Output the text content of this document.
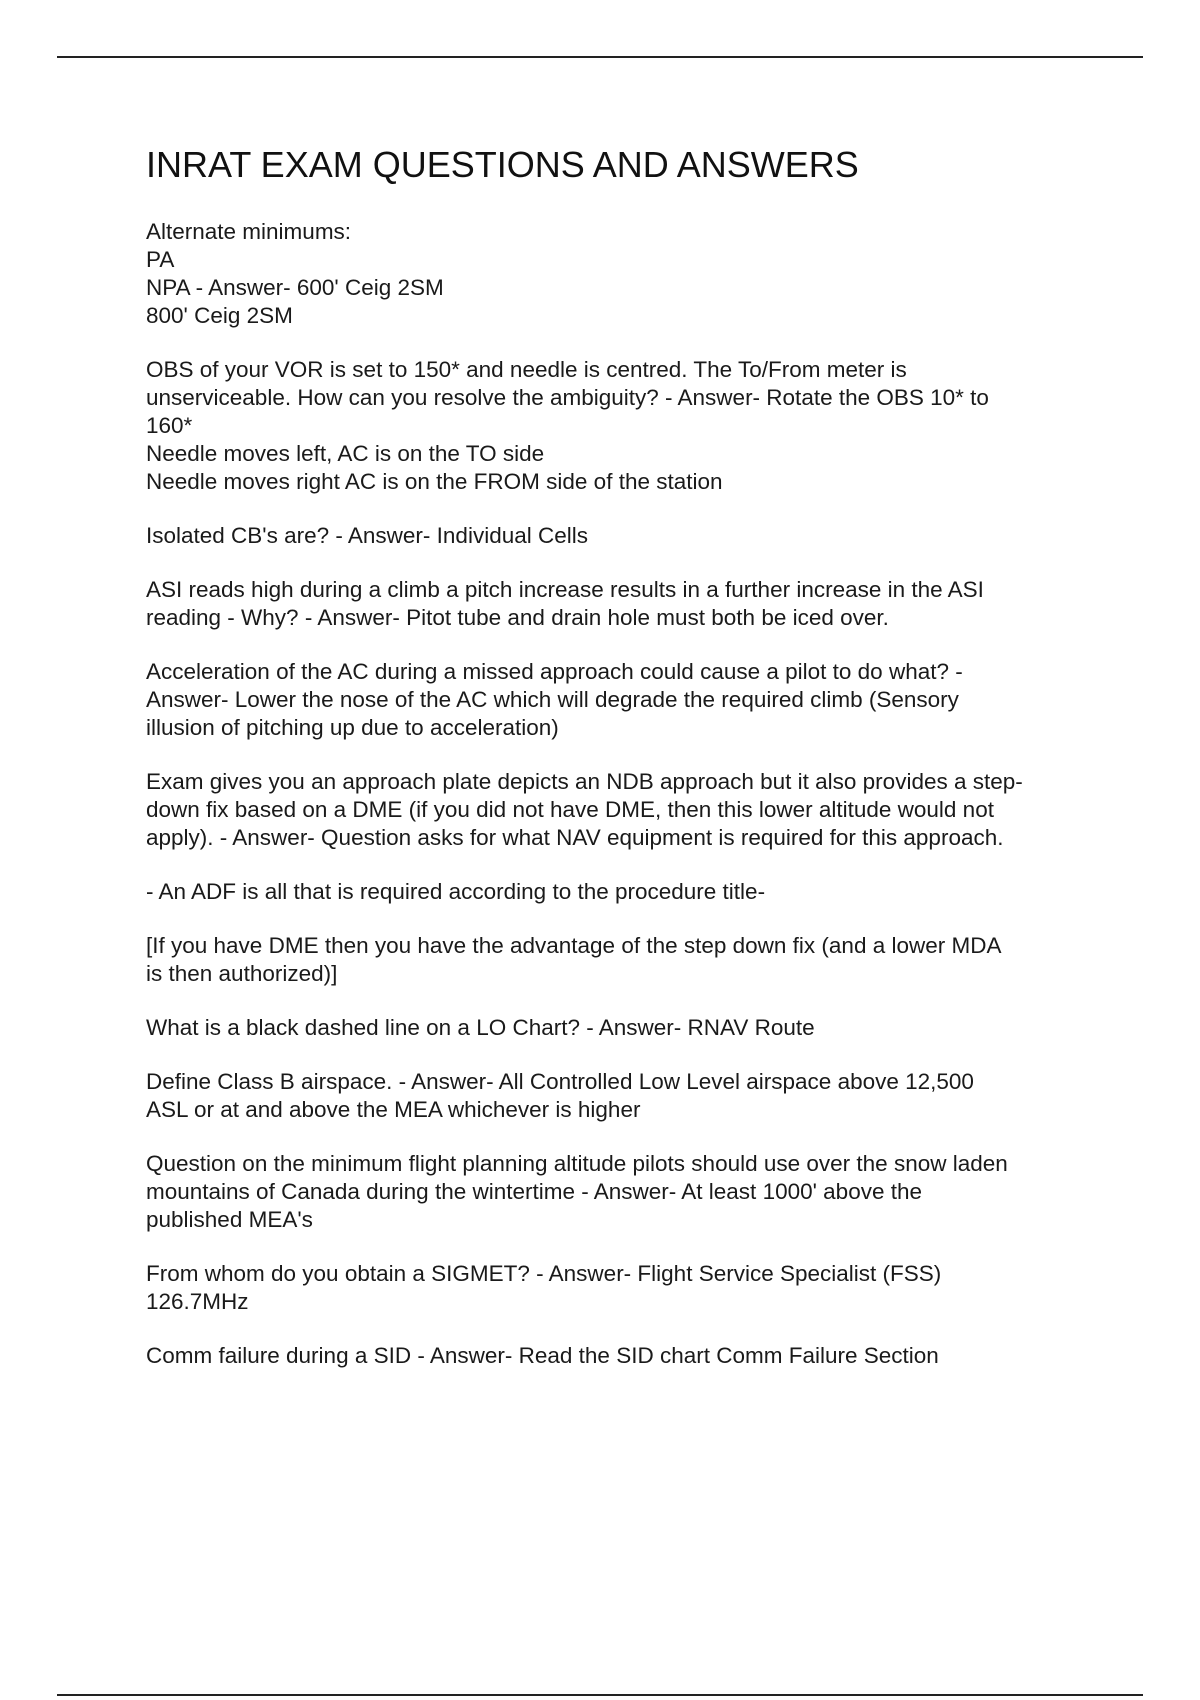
INRAT EXAM QUESTIONS AND ANSWERS
Alternate minimums:
PA
NPA - Answer- 600' Ceig 2SM
800' Ceig 2SM
OBS of your VOR is set to 150* and needle is centred. The To/From meter is
unserviceable. How can you resolve the ambiguity? - Answer- Rotate the OBS 10* to
160*
Needle moves left, AC is on the TO side
Needle moves right AC is on the FROM side of the station
Isolated CB's are? - Answer- Individual Cells
ASI reads high during a climb a pitch increase results in a further increase in the ASI
reading - Why? - Answer- Pitot tube and drain hole must both be iced over.
Acceleration of the AC during a missed approach could cause a pilot to do what? -
Answer- Lower the nose of the AC which will degrade the required climb (Sensory
illusion of pitching up due to acceleration)
Exam gives you an approach plate depicts an NDB approach but it also provides a step-
down fix based on a DME (if you did not have DME, then this lower altitude would not
apply). - Answer- Question asks for what NAV equipment is required for this approach.
- An ADF is all that is required according to the procedure title-
[If you have DME then you have the advantage of the step down fix (and a lower MDA
is then authorized)]
What is a black dashed line on a LO Chart? - Answer- RNAV Route
Define Class B airspace. - Answer- All Controlled Low Level airspace above 12,500
ASL or at and above the MEA whichever is higher
Question on the minimum flight planning altitude pilots should use over the snow laden
mountains of Canada during the wintertime - Answer- At least 1000' above the
published MEA's
From whom do you obtain a SIGMET? - Answer- Flight Service Specialist (FSS)
126.7MHz
Comm failure during a SID - Answer- Read the SID chart Comm Failure Section
